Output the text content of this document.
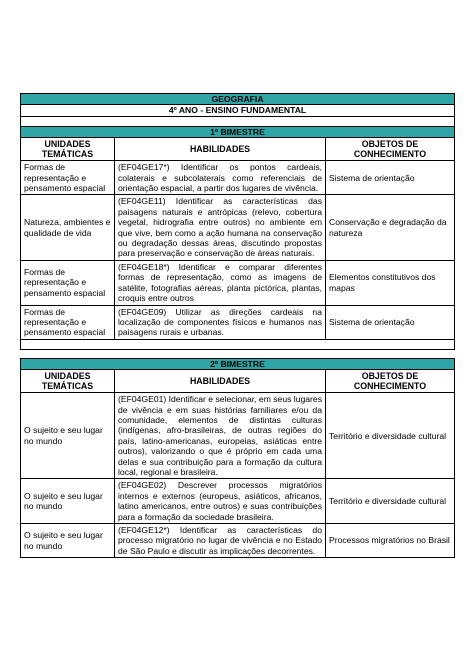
GEOGRAFIA		
4º ANO - ENSINO FUNDAMENTAL		

1º BIMESTRE		
UNIDADES TEMÁTICAS	HABILIDADES	OBJETOS DE CONHECIMENTO
Formas de representação e pensamento espacial	(EF04GE17*) Identificar os pontos cardeais, colaterais e subcolaterais como referenciais de orientação espacial, a partir dos lugares de vivência.	Sistema de orientação
Natureza, ambientes e qualidade de vida	(EF04GE11) Identificar as características das paisagens naturais e antrópicas (relevo, cobertura vegetal, hidrografia entre outros) no ambiente em que vive, bem como a ação humana na conservação ou degradação dessas áreas, discutindo propostas para preservação e conservação de áreas naturais.	Conservação e degradação da natureza
Formas de representação e pensamento espacial	(EF04GE18*) Identificar e comparar diferentes formas de representação, como as imagens de satélite, fotografias aéreas, planta pictórica, plantas, croquis entre outros	Elementos constitutivos dos mapas
Formas de representação e pensamento espacial	(EF04GE09) Utilizar as direções cardeais na localização de componentes físicos e humanos nas paisagens rurais e urbanas.	Sistema de orientação

2º BIMESTRE		
UNIDADES TEMÁTICAS	HABILIDADES	OBJETOS DE CONHECIMENTO
O sujeito e seu lugar no mundo	(EF04GE01) Identificar e selecionar, em seus lugares de vivência e em suas histórias familiares e/ou da comunidade, elementos de distintas culturas (indígenas, afro-brasileiras, de outras regiões do país, latino-americanas, europeias, asiáticas entre outros), valorizando o que é próprio em cada uma delas e sua contribuição para a formação da cultura local, regional e brasileira.	Território e diversidade cultural
O sujeito e seu lugar no mundo	(EF04GE02) Descrever processos migratórios internos e externos (europeus, asiáticos, africanos, latino americanos, entre outros) e suas contribuições para a formação da sociedade brasileira.	Território e diversidade cultural
O sujeito e seu lugar no mundo	(EF04GE12*) Identificar as características do processo migratório no lugar de vivência e no Estado de São Paulo e discutir as implicações decorrentes.	Processos migratórios no Brasil
